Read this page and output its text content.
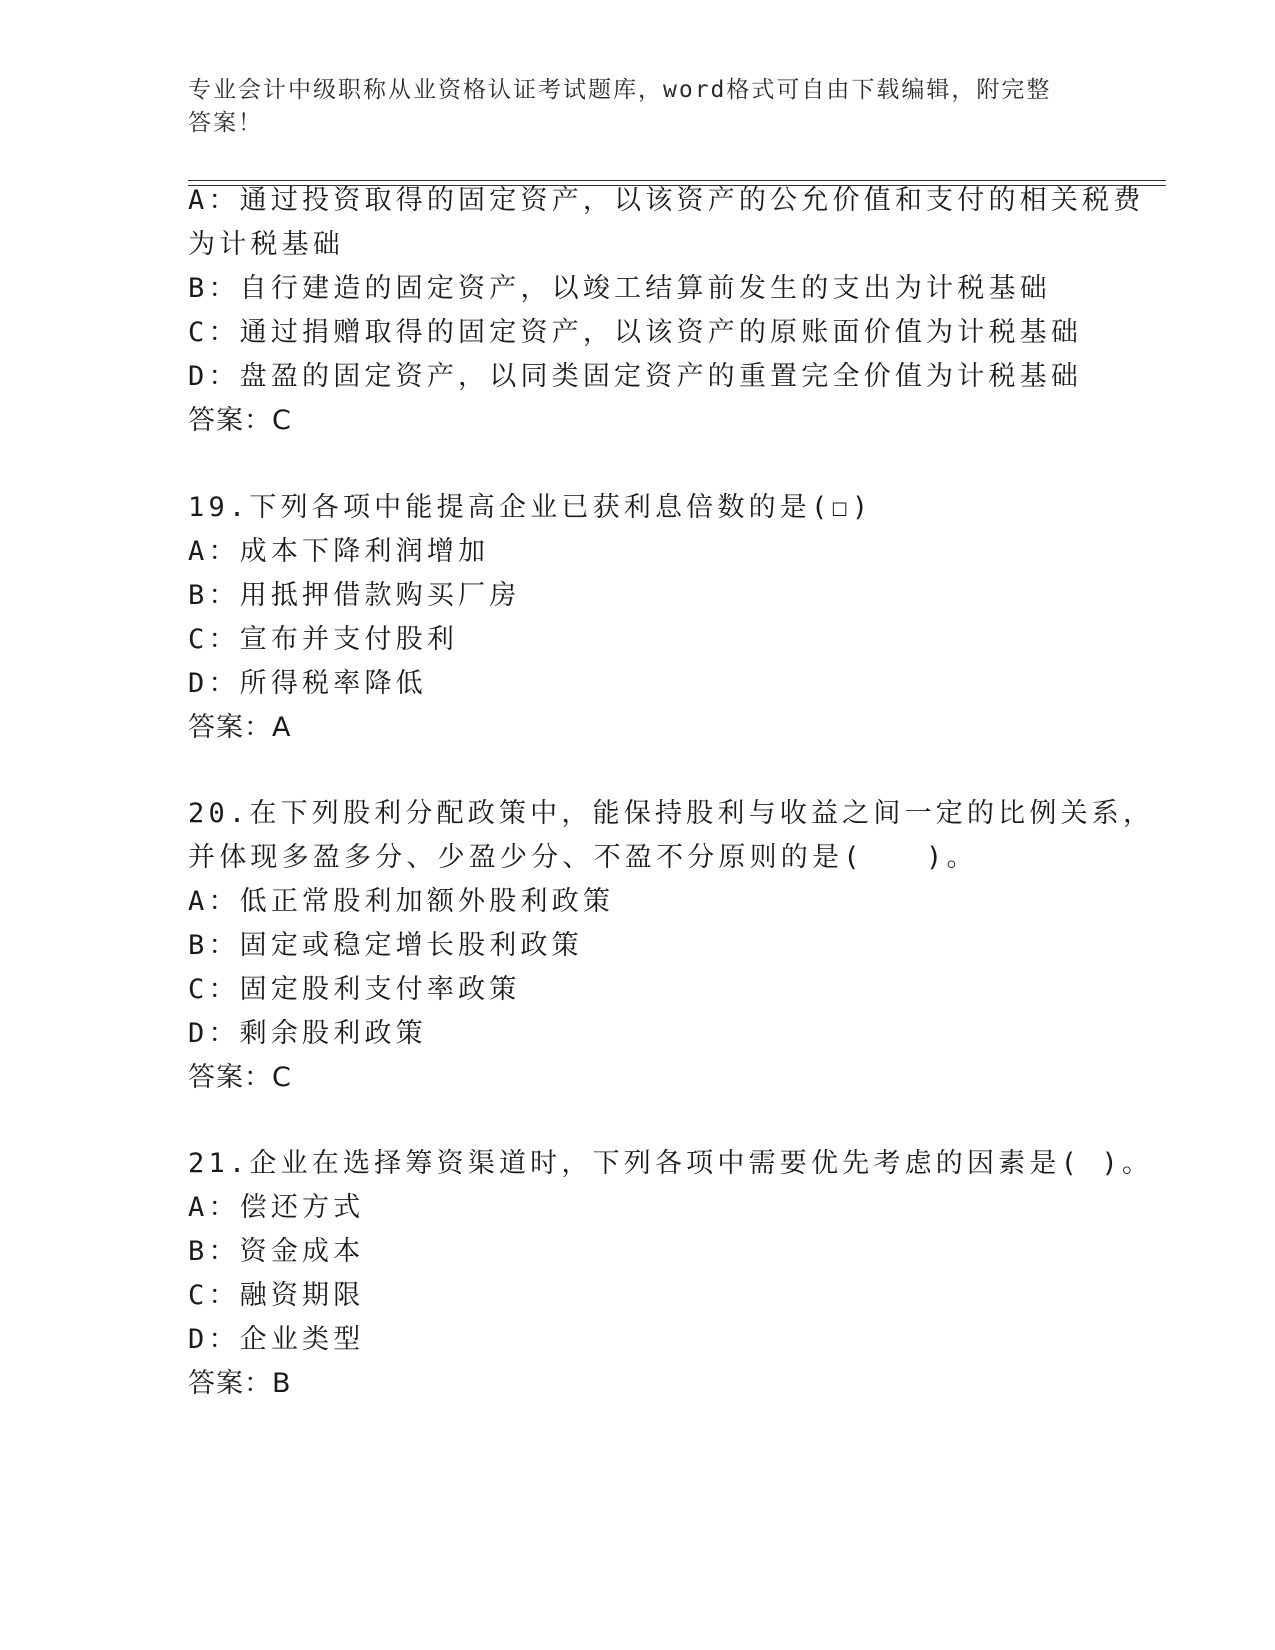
专业会计中级职称从业资格认证考试题库，word格式可自由下载编辑，附完整答案！
A：通过投资取得的固定资产，以该资产的公允价值和支付的相关税费
为计税基础
B：自行建造的固定资产，以竣工结算前发生的支出为计税基础
C：通过捐赠取得的固定资产，以该资产的原账面价值为计税基础
D：盘盈的固定资产，以同类固定资产的重置完全价值为计税基础
答案：C
19.下列各项中能提高企业已获利息倍数的是(☐)
A：成本下降利润增加
B：用抵押借款购买厂房
C：宣布并支付股利
D：所得税率降低
答案：A
20.在下列股利分配政策中，能保持股利与收益之间一定的比例关系，
并体现多盈多分、少盈少分、不盈不分原则的是(　　)。
A：低正常股利加额外股利政策
B：固定或稳定增长股利政策
C：固定股利支付率政策
D：剩余股利政策
答案：C
21.企业在选择筹资渠道时，下列各项中需要优先考虑的因素是( )。
A：偿还方式
B：资金成本
C：融资期限
D：企业类型
答案：B
